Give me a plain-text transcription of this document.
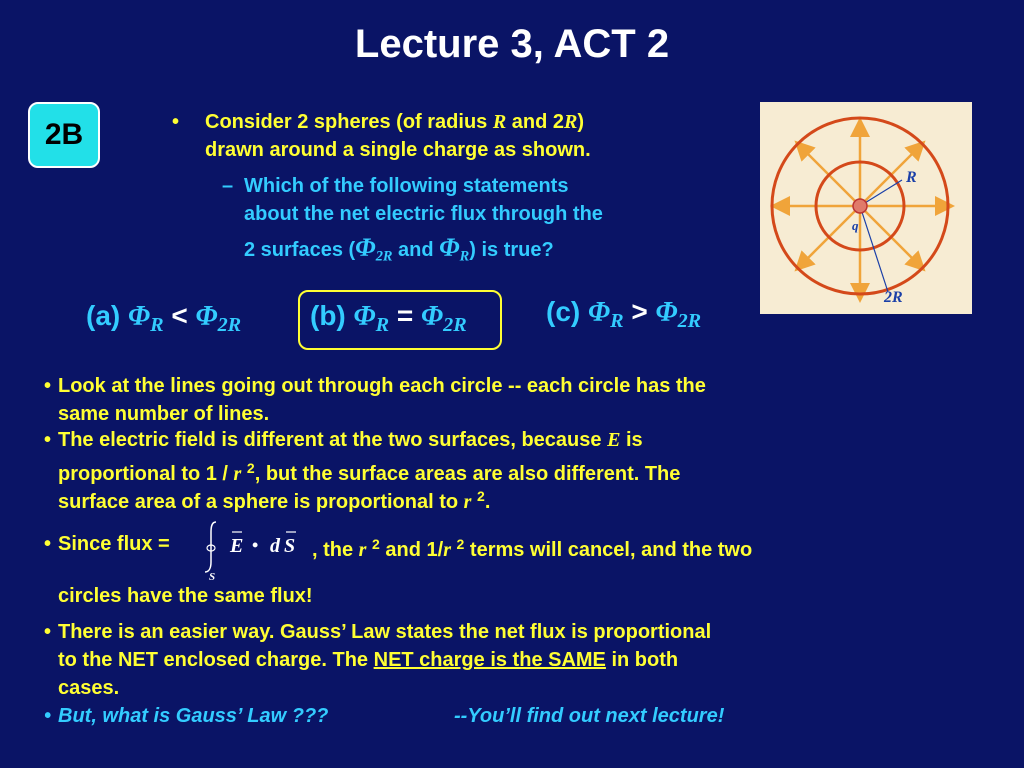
Lecture 3, ACT 2
2B	• Consider 2 spheres (of radius R and 2R)
drawn around a single charge as shown.
– Which of the following statements
about the net electric flux through the
2 surfaces ($\Phi_{2R}$ and $\Phi_R$) is true?
R
q
2R
(a) $\Phi_R < \Phi_{2R}$ (b) $\Phi_R = \Phi_{2R}$	(c) $\Phi_R > \Phi_{2R}$
• Look at the lines going out through each circle -- each circle has the
same number of lines.
• The electric field is different at the two surfaces, because E is
proportional to 1 / r $^2$, but the surface areas are also different. The
surface area of a sphere is proportional to r $^2$.
• Since flux =
S
E • d S , the r $^2$ and 1/r $^2$ terms will cancel, and the two
circles have the same flux!
• There is an easier way. Gauss’ Law states the net flux is proportional
to the NET enclosed charge. The NET charge is the SAME in both
cases.
• But, what is Gauss’ Law ???	--You’ll find out next lecture!
